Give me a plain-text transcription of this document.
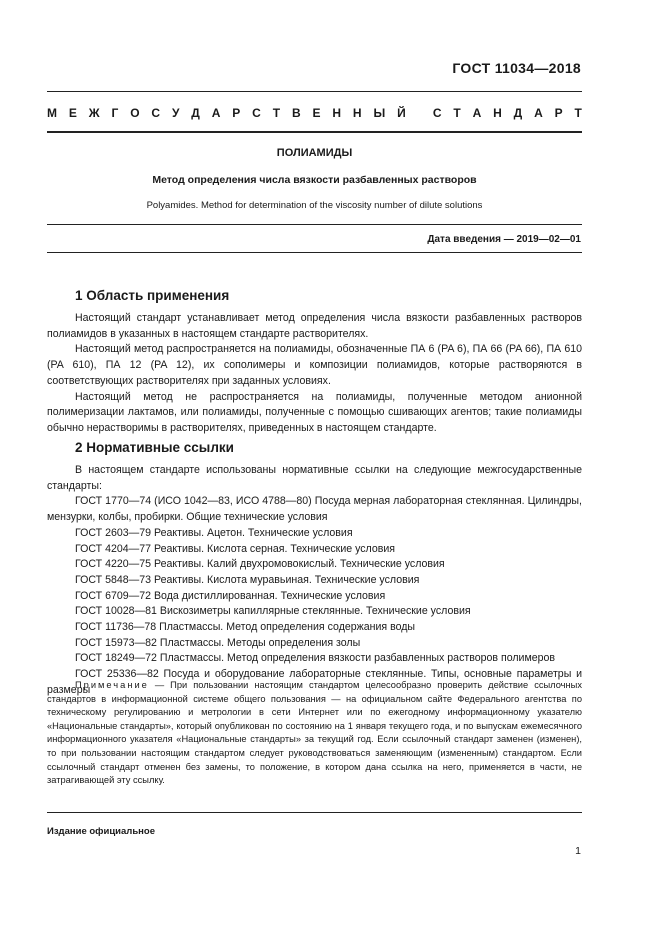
ГОСТ 11034—2018
М Е Ж Г О С У Д А Р С Т В Е Н Н Ы Й
С Т А Н Д А Р Т
ПОЛИАМИДЫ
Метод определения числа вязкости разбавленных растворов
Polyamides. Method for determination of the viscosity number of dilute solutions
Дата введения — 2019—02—01
1 Область применения

Настоящий стандарт устанавливает метод определения числа вязкости разбавленных растворов полиамидов в указанных в настоящем стандарте растворителях.

Настоящий метод распространяется на полиамиды, обозначенные ПА 6 (PA 6), ПА 66 (PA 66), ПА 610 (PA 610), ПА 12 (PA 12), их сополимеры и композиции полиамидов, которые растворяются в соответствующих растворителях при заданных условиях.

Настоящий метод не распространяется на полиамиды, полученные методом анионной полимеризации лактамов, или полиамиды, полученные с помощью сшивающих агентов; такие полиамиды обычно нерастворимы в растворителях, приведенных в настоящем стандарте.

2 Нормативные ссылки

В настоящем стандарте использованы нормативные ссылки на следующие межгосударственные стандарты:

ГОСТ 1770—74 (ИСО 1042—83, ИСО 4788—80) Посуда мерная лабораторная стеклянная. Цилиндры, мензурки, колбы, пробирки. Общие технические условия

ГОСТ 2603—79 Реактивы. Ацетон. Технические условия

ГОСТ 4204—77 Реактивы. Кислота серная. Технические условия

ГОСТ 4220—75 Реактивы. Калий двухромовокислый. Технические условия

ГОСТ 5848—73 Реактивы. Кислота муравьиная. Технические условия

ГОСТ 6709—72 Вода дистиллированная. Технические условия

ГОСТ 10028—81 Вискозиметры капиллярные стеклянные. Технические условия

ГОСТ 11736—78 Пластмассы. Метод определения содержания воды

ГОСТ 15973—82 Пластмассы. Методы определения золы

ГОСТ 18249—72 Пластмассы. Метод определения вязкости разбавленных растворов полимеров

ГОСТ 25336—82 Посуда и оборудование лабораторные стеклянные. Типы, основные параметры и размеры

Примечание — При пользовании настоящим стандартом целесообразно проверить действие ссылочных стандартов в информационной системе общего пользования — на официальном сайте Федерального агентства по техническому регулированию и метрологии в сети Интернет или по ежегодному информационному указателю «Национальные стандарты», который опубликован по состоянию на 1 января текущего года, и по выпускам ежемесячного информационного указателя «Национальные стандарты» за текущий год. Если ссылочный стандарт заменен (изменен), то при пользовании настоящим стандартом следует руководствоваться заменяющим (измененным) стандартом. Если ссылочный стандарт отменен без замены, то положение, в котором дана ссылка на него, применяется в части, не затрагивающей эту ссылку.

Издание официальное
1
